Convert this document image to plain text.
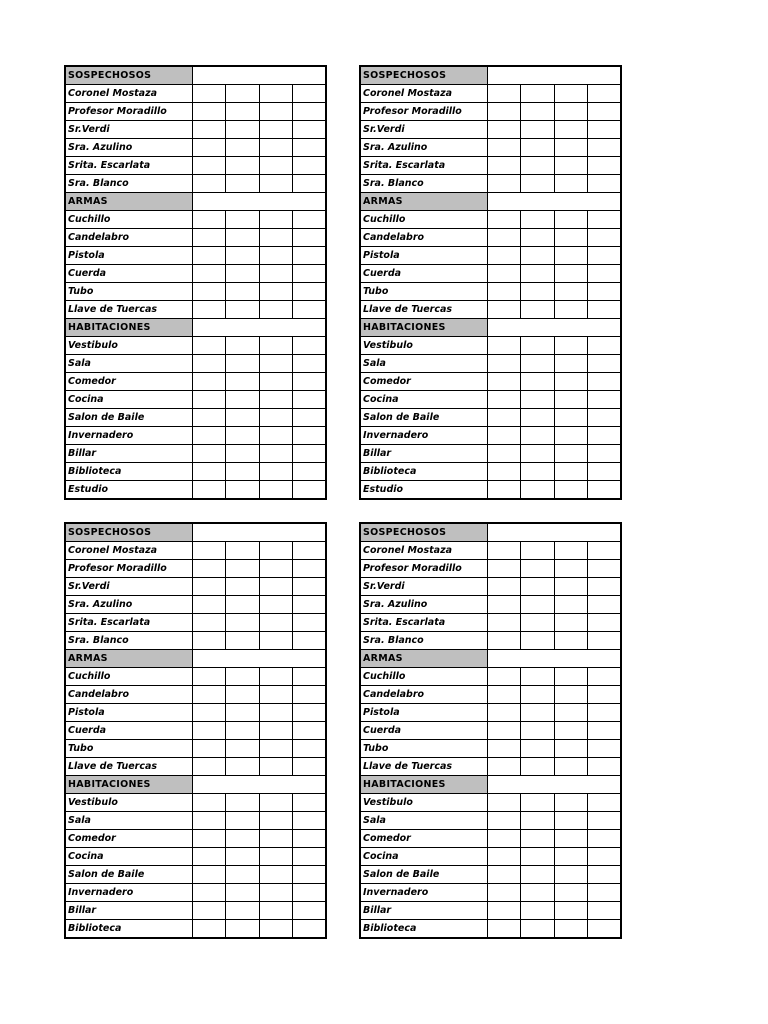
SOSPECHOSOS				
Coronel Mostaza				
Profesor Moradillo				
Sr.Verdi				
Sra. Azulino				
Srita. Escarlata				
Sra. Blanco				
ARMAS				
Cuchillo				
Candelabro				
Pistola				
Cuerda				
Tubo				
Llave de Tuercas				
HABITACIONES				
Vestibulo				
Sala				
Comedor				
Cocina				
Salon de Baile				
Invernadero				
Billar				
Biblioteca				
Estudio				
SOSPECHOSOS				
Coronel Mostaza				
Profesor Moradillo				
Sr.Verdi				
Sra. Azulino				
Srita. Escarlata				
Sra. Blanco				
ARMAS				
Cuchillo				
Candelabro				
Pistola				
Cuerda				
Tubo				
Llave de Tuercas				
HABITACIONES				
Vestibulo				
Sala				
Comedor				
Cocina				
Salon de Baile				
Invernadero				
Billar				
Biblioteca				
Estudio				
SOSPECHOSOS				
Coronel Mostaza				
Profesor Moradillo				
Sr.Verdi				
Sra. Azulino				
Srita. Escarlata				
Sra. Blanco				
ARMAS				
Cuchillo				
Candelabro				
Pistola				
Cuerda				
Tubo				
Llave de Tuercas				
HABITACIONES				
Vestibulo				
Sala				
Comedor				
Cocina				
Salon de Baile				
Invernadero				
Billar				
Biblioteca				
SOSPECHOSOS				
Coronel Mostaza				
Profesor Moradillo				
Sr.Verdi				
Sra. Azulino				
Srita. Escarlata				
Sra. Blanco				
ARMAS				
Cuchillo				
Candelabro				
Pistola				
Cuerda				
Tubo				
Llave de Tuercas				
HABITACIONES				
Vestibulo				
Sala				
Comedor				
Cocina				
Salon de Baile				
Invernadero				
Billar				
Biblioteca				
